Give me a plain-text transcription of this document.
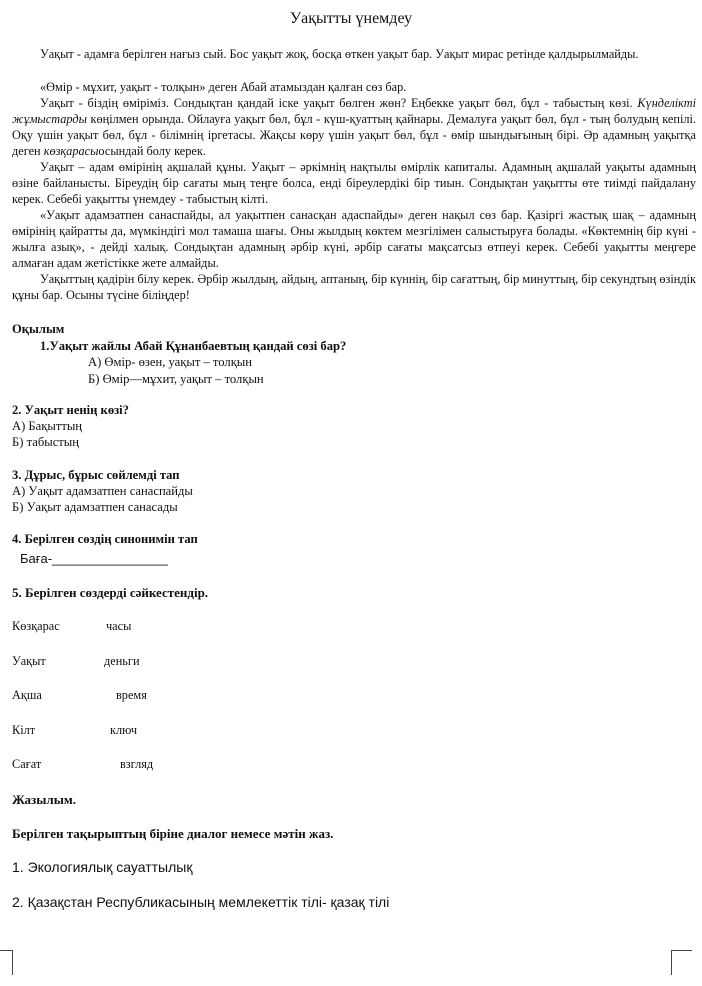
Уақытты үнемдеу

Уақыт - адамға берілген нағыз сый. Бос уақыт жоқ, босқа өткен уақыт бар. Уақыт мирас ретінде қалдырылмайды.

«Өмір - мұхит, уақыт - толқын» деген Абай атамыздан қалған сөз бар.

Уақыт - біздің өміріміз. Сондықтан қандай іске уақыт бөлген жөн? Еңбекке уақыт бөл, бұл - табыстың көзі. Күнделікті жұмыстарды көңілмен орында. Ойлауға уақыт бөл, бұл - күш-қуаттың қайнары. Демалуға уақыт бөл, бұл - тың болудың кепілі. Оқу үшін уақыт бөл, бұл - білімнің іргетасы. Жақсы көру үшін уақыт бөл, бұл - өмір шындығының бірі. Әр адамның уақытқа деген көзқарасыосындай болу керек.

Уақыт – адам өмірінің ақшалай құны. Уақыт – әркімнің нақтылы өмірлік капиталы. Адамның ақшалай уақыты адамның өзіне байланысты. Біреудің бір сағаты мың теңге болса, енді біреулердікі бір тиын. Сондықтан уақытты өте тиімді пайдалану керек. Себебі уақытты үнемдеу - табыстың кілті.

«Уақыт адамзатпен санаспайды, ал уақытпен санасқан адаспайды» деген нақыл сөз бар. Қазіргі жастық шақ – адамның өмірінің қайратты да, мүмкіндігі мол тамаша шағы. Оны жылдың көктем мезгілімен салыстыруға болады. «Көктемнің бір күні - жылға азық», - дейді халық. Сондықтан адамның әрбір күні, әрбір сағаты мақсатсыз өтпеуі керек. Себебі уақытты меңгере алмаған адам жетістікке жете алмайды.

Уақыттың қадірін білу керек. Әрбір жылдың, айдың, аптаның, бір күннің, бір сағаттың, бір минуттың, бір секундтың өзіндік құны бар. Осыны түсіне біліңдер!

Оқылым
1.Уақыт жайлы Абай Құнанбаевтың қандай сөзі бар?
А) Өмір- өзен, уақыт – толқын
Б) Өмір—мұхит, уақыт – толқын
2. Уақыт ненің көзі?
А) Бақыттың
Б) табыстың
3. Дұрыс, бұрыс сөйлемді тап
А) Уақыт адамзатпен санаспайды
Б) Уақыт адамзатпен санасады
4. Берілген сөздің синонимін тап
Баға-________________
5. Берілген сөздерді сәйкестендір.
Көзқарас	часы
Уақыт	деньги
Ақша	время
Кілт	ключ
Сағат	взгляд
Жазылым.
Берілген тақырыптың біріне диалог немесе мәтін жаз.
1. Экологиялық сауаттылық
2. Қазақстан Республикасының мемлекеттік тілі- қазақ тілі
